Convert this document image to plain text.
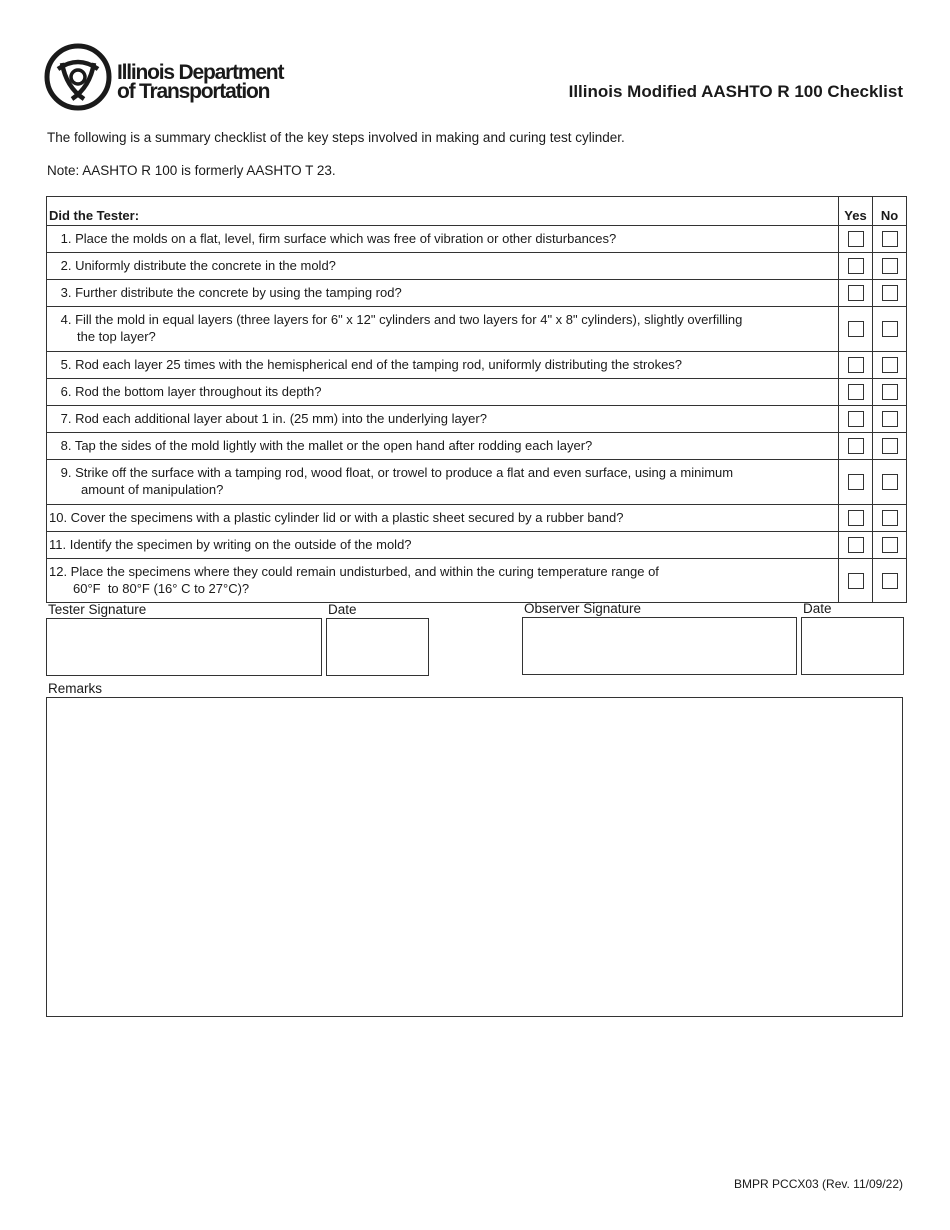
Illinois Department
of Transportation	Illinois Modified AASHTO R 100 Checklist
The following is a summary checklist of the key steps involved in making and curing test cylinder.
Note: AASHTO R 100 is formerly AASHTO T 23.
Did the Tester:	Yes	No

1. Place the molds on a flat, level, firm surface which was free of vibration or other disturbances?		

2. Uniformly distribute the concrete in the mold?		

3. Further distribute the concrete by using the tamping rod?		

4. Fill the mold in equal layers (three layers for 6" x 12" cylinders and two layers for 4" x 8" cylinders), slightly overfilling
the top layer?		

5. Rod each layer 25 times with the hemispherical end of the tamping rod, uniformly distributing the strokes?		

6. Rod the bottom layer throughout its depth?		

7. Rod each additional layer about 1 in. (25 mm) into the underlying layer?		

8. Tap the sides of the mold lightly with the mallet or the open hand after rodding each layer?		

9. Strike off the surface with a tamping rod, wood float, or trowel to produce a flat and even surface, using a minimum
amount of manipulation?		

10. Cover the specimens with a plastic cylinder lid or with a plastic sheet secured by a rubber band?		

11. Identify the specimen by writing on the outside of the mold?		

12. Place the specimens where they could remain undisturbed, and within the curing temperature range of
60°F  to 80°F (16° C to 27°C)?		

Tester Signature	Date	Observer Signature	Date
Remarks
BMPR PCCX03 (Rev. 11/09/22)
